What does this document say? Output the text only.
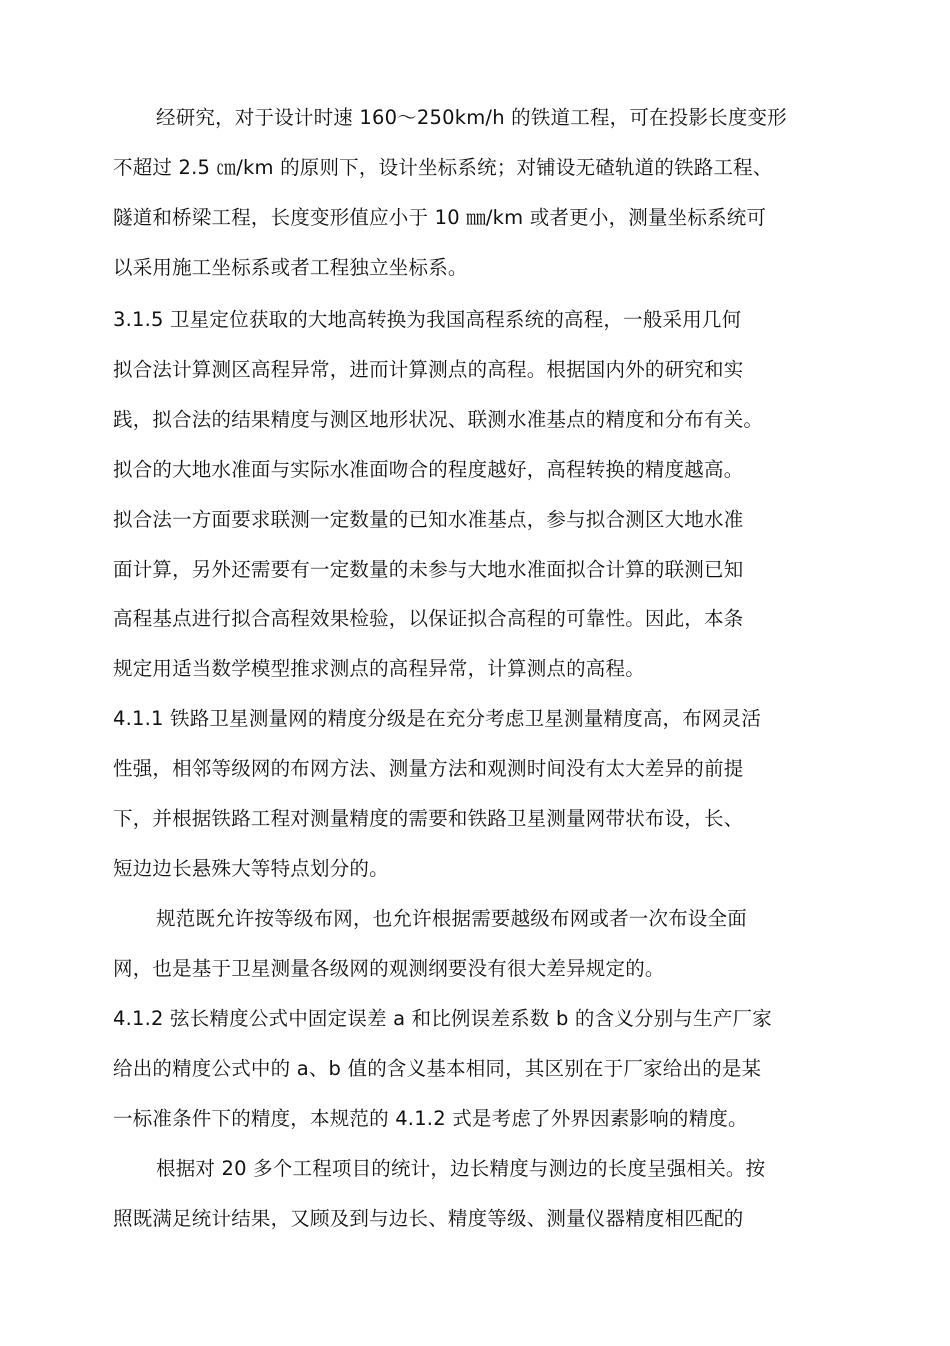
经研究，对于设计时速 160～250km/h 的铁道工程，可在投影长度变形
不超过 2.5 ㎝/km 的原则下，设计坐标系统；对铺设无碴轨道的铁路工程、
隧道和桥梁工程，长度变形值应小于 10 ㎜/km 或者更小，测量坐标系统可
以采用施工坐标系或者工程独立坐标系。
3.1.5 卫星定位获取的大地高转换为我国高程系统的高程，一般采用几何
拟合法计算测区高程异常，进而计算测点的高程。根据国内外的研究和实
践，拟合法的结果精度与测区地形状况、联测水准基点的精度和分布有关。
拟合的大地水准面与实际水准面吻合的程度越好，高程转换的精度越高。
拟合法一方面要求联测一定数量的已知水准基点，参与拟合测区大地水准
面计算，另外还需要有一定数量的未参与大地水准面拟合计算的联测已知
高程基点进行拟合高程效果检验，以保证拟合高程的可靠性。因此，本条
规定用适当数学模型推求测点的高程异常，计算测点的高程。
4.1.1 铁路卫星测量网的精度分级是在充分考虑卫星测量精度高，布网灵活
性强，相邻等级网的布网方法、测量方法和观测时间没有太大差异的前提
下，并根据铁路工程对测量精度的需要和铁路卫星测量网带状布设，长、
短边边长悬殊大等特点划分的。
规范既允许按等级布网，也允许根据需要越级布网或者一次布设全面
网，也是基于卫星测量各级网的观测纲要没有很大差异规定的。
4.1.2 弦长精度公式中固定误差 a 和比例误差系数 b 的含义分别与生产厂家
给出的精度公式中的 a、b 值的含义基本相同，其区别在于厂家给出的是某
一标准条件下的精度，本规范的 4.1.2 式是考虑了外界因素影响的精度。
根据对 20 多个工程项目的统计，边长精度与测边的长度呈强相关。按
照既满足统计结果，又顾及到与边长、精度等级、测量仪器精度相匹配的
